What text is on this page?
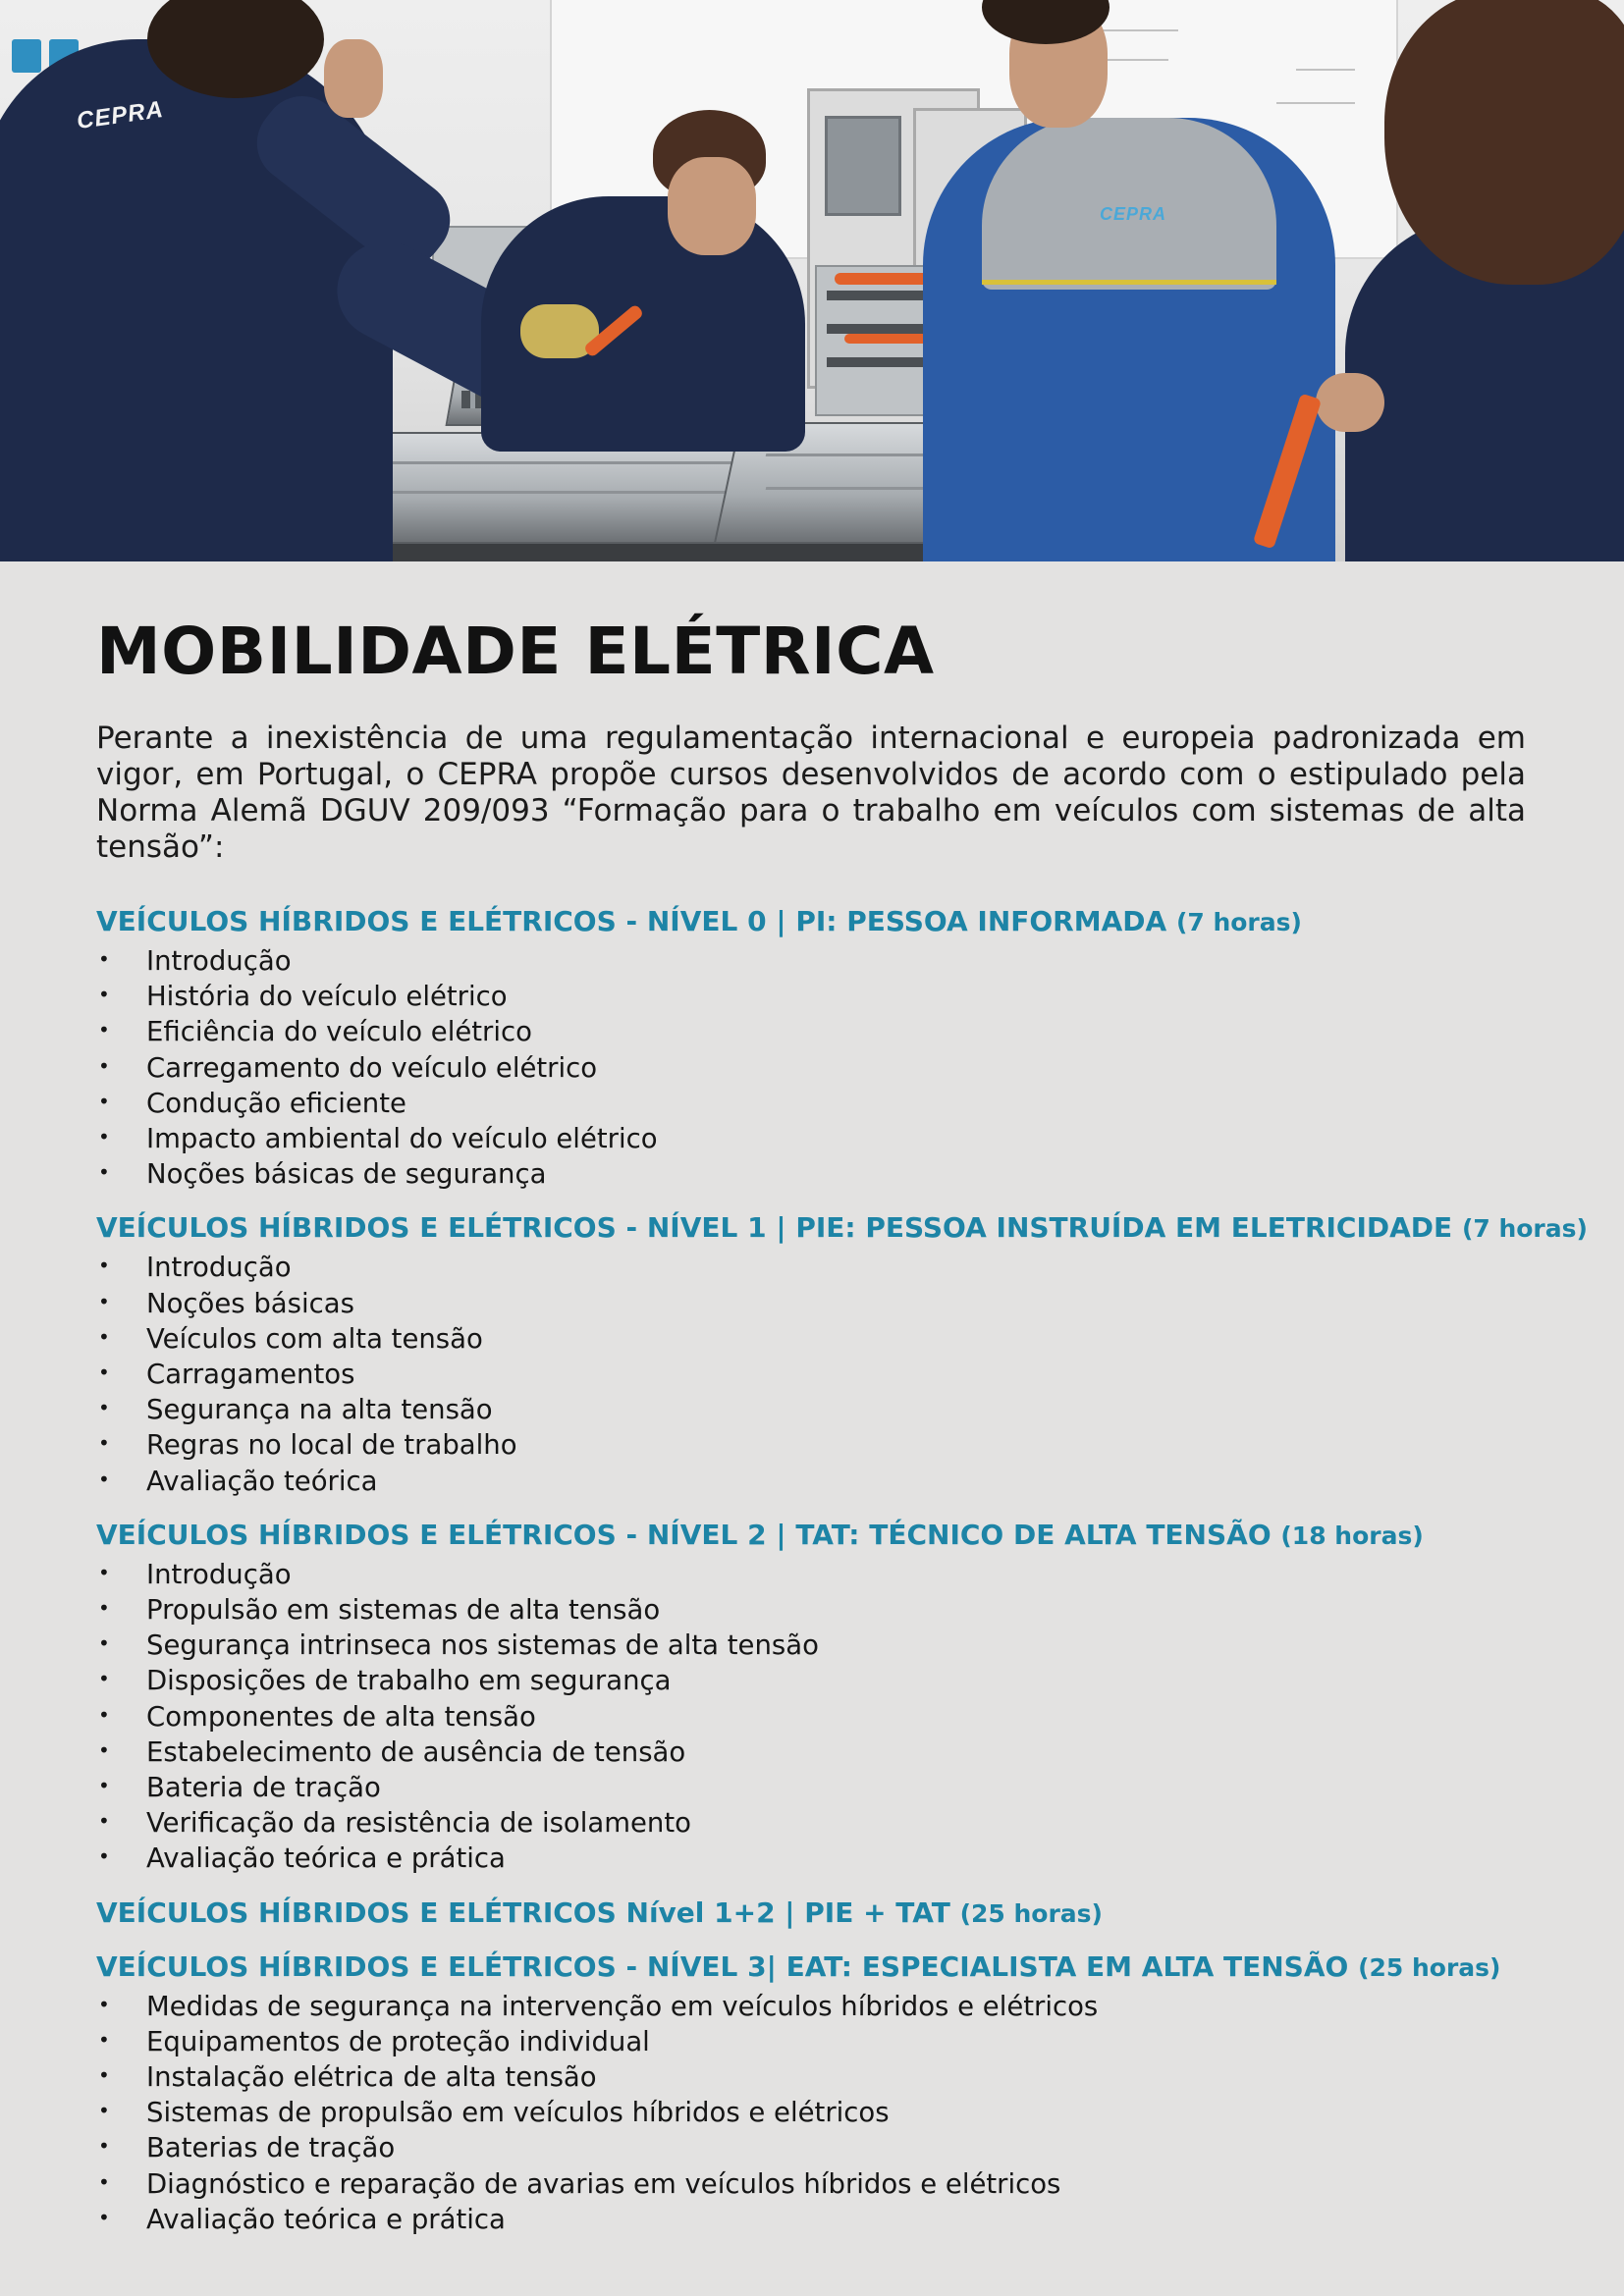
CEPRA
CEPRA
MOBILIDADE ELÉTRICA

Perante a inexistência de uma regulamentação internacional e europeia padronizada em vigor, em Portugal, o CEPRA propõe cursos desenvolvidos de acordo com o estipulado pela Norma Alemã DGUV 209/093 “Formação para o trabalho em veículos com sistemas de alta tensão”:

VEÍCULOS HÍBRIDOS E ELÉTRICOS - NÍVEL 0 | PI: PESSOA INFORMADA (7 horas)
• Introdução
• História do veículo elétrico
• Eficiência do veículo elétrico
• Carregamento do veículo elétrico
• Condução eficiente
• Impacto ambiental do veículo elétrico
• Noções básicas de segurança
VEÍCULOS HÍBRIDOS E ELÉTRICOS - NÍVEL 1 | PIE: PESSOA INSTRUÍDA EM ELETRICIDADE (7 horas)
• Introdução
• Noções básicas
• Veículos com alta tensão
• Carragamentos
• Segurança na alta tensão
• Regras no local de trabalho
• Avaliação teórica
VEÍCULOS HÍBRIDOS E ELÉTRICOS - NÍVEL 2 | TAT: TÉCNICO DE ALTA TENSÃO (18 horas)
• Introdução
• Propulsão em sistemas de alta tensão
• Segurança intrinseca nos sistemas de alta tensão
• Disposições de trabalho em segurança
• Componentes de alta tensão
• Estabelecimento de ausência de tensão
• Bateria de tração
• Verificação da resistência de isolamento
• Avaliação teórica e prática
VEÍCULOS HÍBRIDOS E ELÉTRICOS Nível 1+2 | PIE + TAT (25 horas)
VEÍCULOS HÍBRIDOS E ELÉTRICOS - NÍVEL 3| EAT: ESPECIALISTA EM ALTA TENSÃO (25 horas)
• Medidas de segurança na intervenção em veículos híbridos e elétricos
• Equipamentos de proteção individual
• Instalação elétrica de alta tensão
• Sistemas de propulsão em veículos híbridos e elétricos
• Baterias de tração
• Diagnóstico e reparação de avarias em veículos híbridos e elétricos
• Avaliação teórica e prática
